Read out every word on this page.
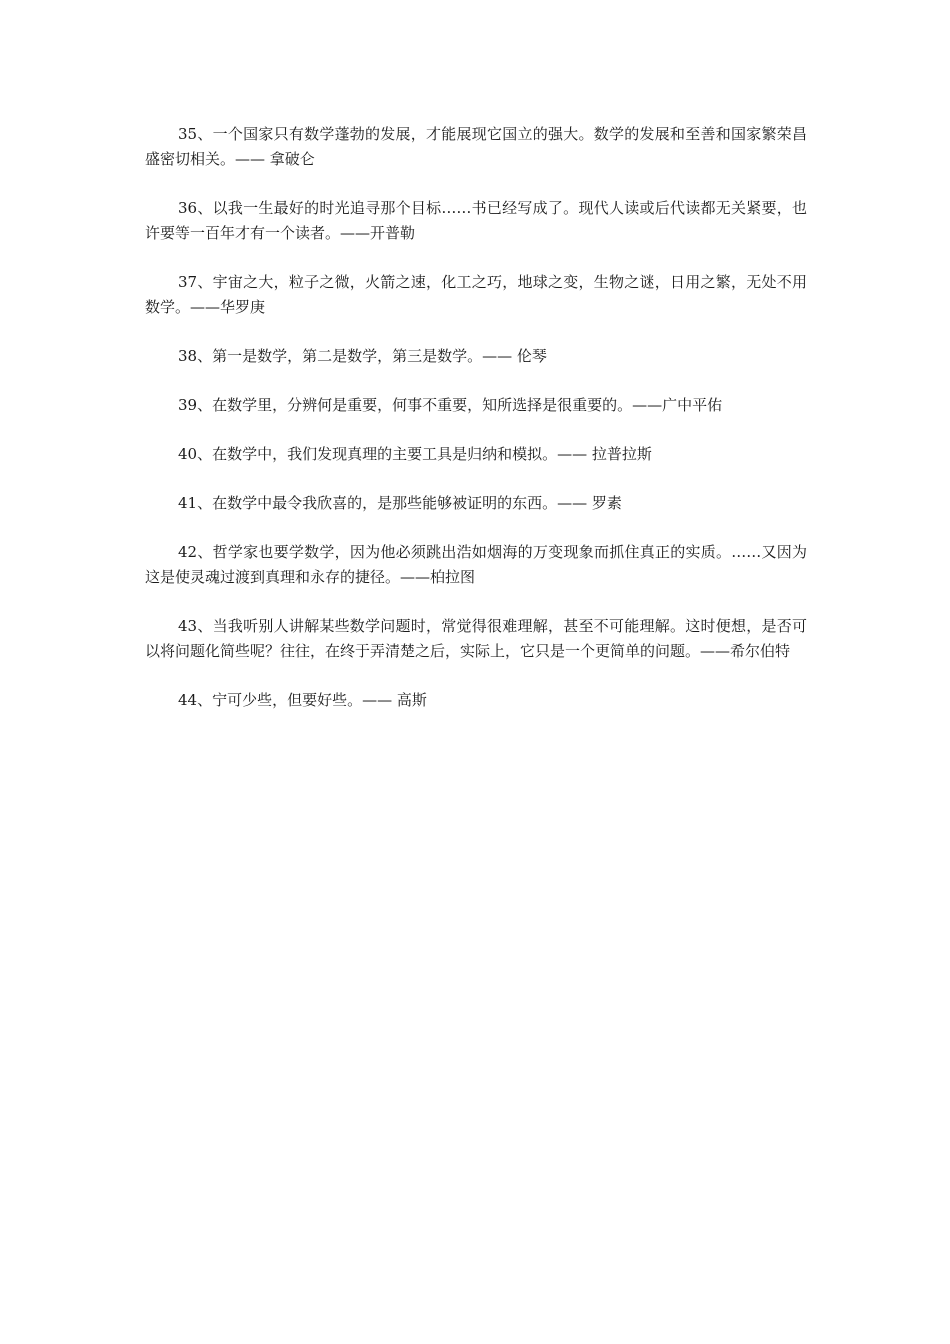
35、一个国家只有数学蓬勃的发展，才能展现它国立的强大。数学的发展和至善和国家繁荣昌盛密切相关。—— 拿破仑

36、以我一生最好的时光追寻那个目标……书已经写成了。现代人读或后代读都无关紧要，也许要等一百年才有一个读者。——开普勒

37、宇宙之大，粒子之微，火箭之速，化工之巧，地球之变，生物之谜，日用之繁，无处不用数学。——华罗庚

38、第一是数学，第二是数学，第三是数学。—— 伦琴

39、在数学里，分辨何是重要，何事不重要，知所选择是很重要的。——广中平佑

40、在数学中，我们发现真理的主要工具是归纳和模拟。—— 拉普拉斯

41、在数学中最令我欣喜的，是那些能够被证明的东西。—— 罗素

42、哲学家也要学数学，因为他必须跳出浩如烟海的万变现象而抓住真正的实质。……又因为这是使灵魂过渡到真理和永存的捷径。——柏拉图

43、当我听别人讲解某些数学问题时，常觉得很难理解，甚至不可能理解。这时便想，是否可以将问题化简些呢？往往，在终于弄清楚之后，实际上，它只是一个更简单的问题。——希尔伯特

44、宁可少些，但要好些。—— 高斯
